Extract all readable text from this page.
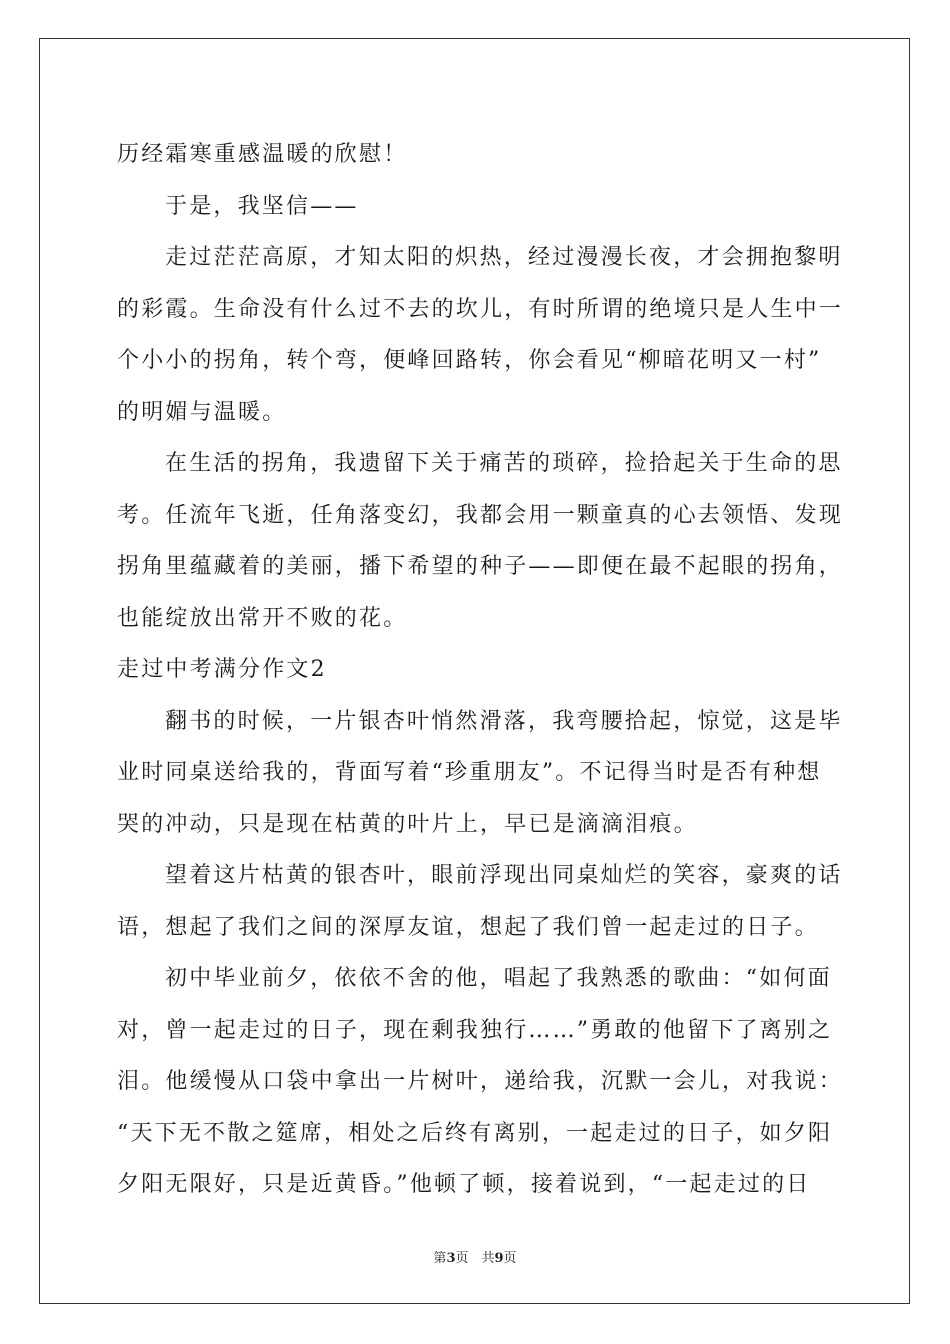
历经霜寒重感温暖的欣慰！
于是，我坚信——
走过茫茫高原，才知太阳的炽热，经过漫漫长夜，才会拥抱黎明
的彩霞。生命没有什么过不去的坎儿，有时所谓的绝境只是人生中一
个小小的拐角，转个弯，便峰回路转，你会看见“柳暗花明又一村”
的明媚与温暖。
在生活的拐角，我遗留下关于痛苦的琐碎，捡拾起关于生命的思
考。任流年飞逝，任角落变幻，我都会用一颗童真的心去领悟、发现
拐角里蕴藏着的美丽，播下希望的种子——即便在最不起眼的拐角，
也能绽放出常开不败的花。
走过中考满分作文2
翻书的时候，一片银杏叶悄然滑落，我弯腰拾起，惊觉，这是毕
业时同桌送给我的，背面写着“珍重朋友”。不记得当时是否有种想
哭的冲动，只是现在枯黄的叶片上，早已是滴滴泪痕。
望着这片枯黄的银杏叶，眼前浮现出同桌灿烂的笑容，豪爽的话
语，想起了我们之间的深厚友谊，想起了我们曾一起走过的日子。
初中毕业前夕，依依不舍的他，唱起了我熟悉的歌曲：“如何面
对，曾一起走过的日子，现在剩我独行……”勇敢的他留下了离别之
泪。他缓慢从口袋中拿出一片树叶，递给我，沉默一会儿，对我说：
“天下无不散之筵席，相处之后终有离别，一起走过的日子，如夕阳
夕阳无限好，只是近黄昏。”他顿了顿，接着说到，“一起走过的日
第3页　共9页
